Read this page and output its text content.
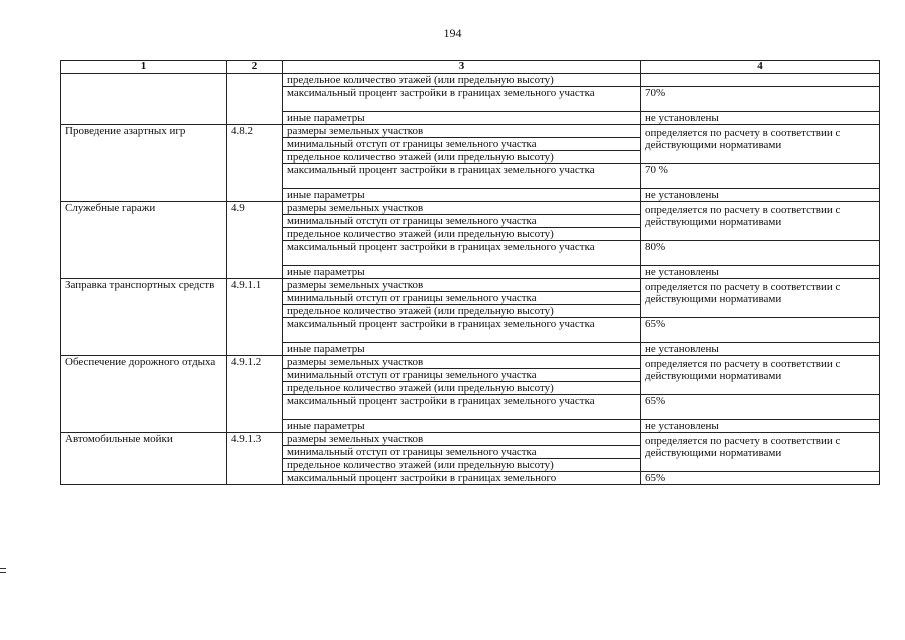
194
1	2	3	4
		предельное количество этажей (или предельную высоту)	
		максимальный процент застройки в границах земельного участка	70%
		иные параметры	не установлены
Проведение азартных игр	4.8.2	размеры земельных участков	определяется по расчету в соответствии с действующими нормативами
		минимальный отступ от границы земельного участка	
		предельное количество этажей (или предельную высоту)	
		максимальный процент застройки в границах земельного участка	70 %
		иные параметры	не установлены
Служебные гаражи	4.9	размеры земельных участков	определяется по расчету в соответствии с действующими нормативами
		минимальный отступ от границы земельного участка	
		предельное количество этажей (или предельную высоту)	
		максимальный процент застройки в границах земельного участка	80%
		иные параметры	не установлены
Заправка транспортных средств	4.9.1.1	размеры земельных участков	определяется по расчету в соответствии с действующими нормативами
		минимальный отступ от границы земельного участка	
		предельное количество этажей (или предельную высоту)	
		максимальный процент застройки в границах земельного участка	65%
		иные параметры	не установлены
Обеспечение дорожного отдыха	4.9.1.2	размеры земельных участков	определяется по расчету в соответствии с действующими нормативами
		минимальный отступ от границы земельного участка	
		предельное количество этажей (или предельную высоту)	
		максимальный процент застройки в границах земельного участка	65%
		иные параметры	не установлены
Автомобильные мойки	4.9.1.3	размеры земельных участков	определяется по расчету в соответствии с действующими нормативами
		минимальный отступ от границы земельного участка	
		предельное количество этажей (или предельную высоту)	
		максимальный процент застройки в границах земельного	65%
